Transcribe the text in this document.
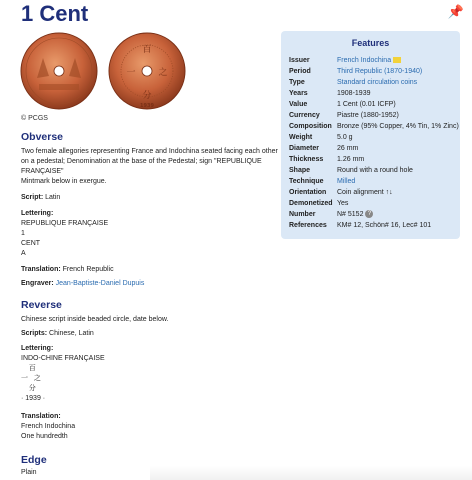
1 Cent	📌
百
一	之
分
1939
© PCGS
Obverse
Two female allegories representing France and Indochina seated facing each other
on a pedestal; Denomination at the base of the Pedestal; sign "REPUBLIQUE
FRANÇAISE"
Mintmark below in exergue.
Script: Latin
Lettering:
REPUBLIQUE FRANÇAISE
1
CENT
A
Translation: French Republic
Engraver: Jean-Baptiste-Daniel Dupuis
Reverse
Chinese script inside beaded circle, date below.
Scripts: Chinese, Latin
Lettering:
INDO-CHINE FRANÇAISE
百
一   之
分
· 1939 ·
Translation:
French Indochina
One hundredth
Edge
Plain
Features
Issuer	French Indochina
Period	Third Republic (1870-1940)
Type	Standard circulation coins
Years	1908-1939
Value	1 Cent (0.01 ICFP)
Currency Piastre (1880-1952)
Composition Bronze (95% Copper, 4% Tin, 1% Zinc)
Weight	5.0 g
Diameter	26 mm
Thickness 1.26 mm
Shape	Round with a round hole
Technique Milled
Orientation Coin alignment ↑↓
Demonetized Yes
Number	N# 5152 ?
References KM# 12, Schön# 16, Lec# 101
